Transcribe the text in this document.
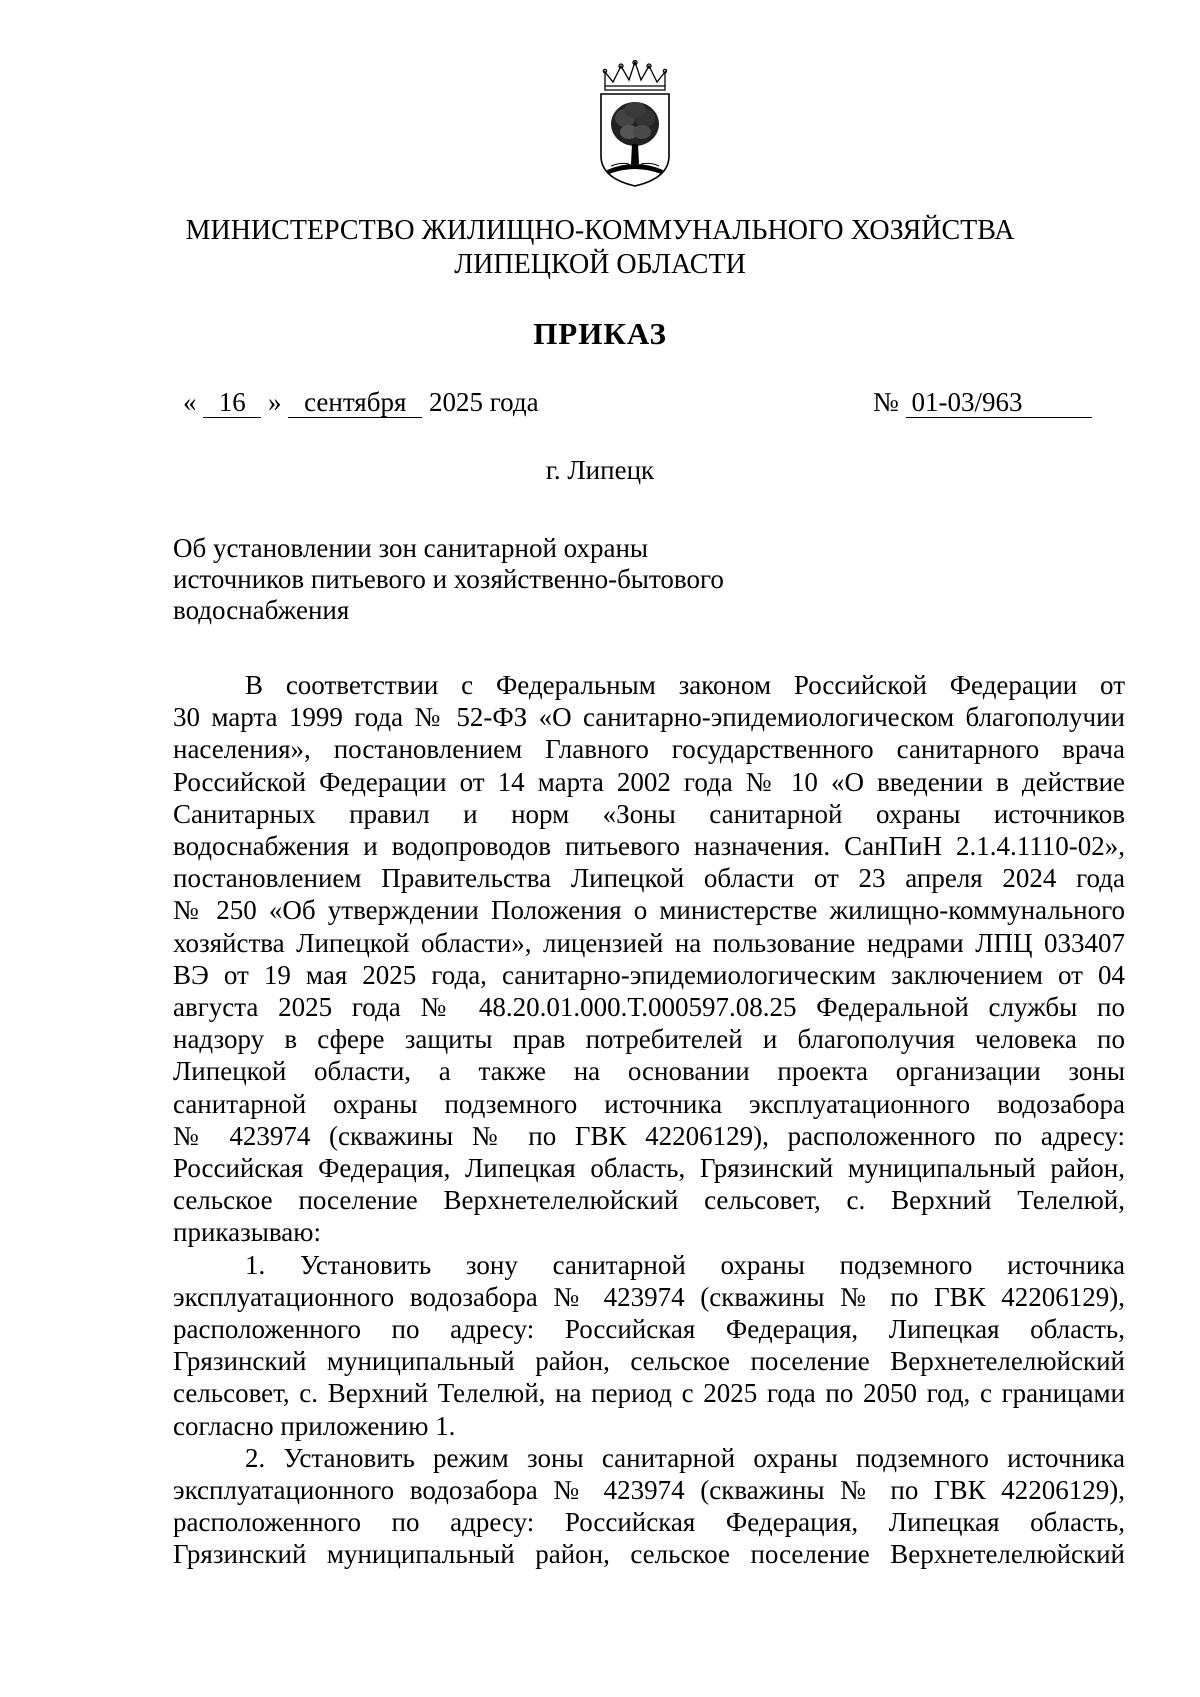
МИНИСТЕРСТВО ЖИЛИЩНО-КОММУНАЛЬНОГО ХОЗЯЙСТВА
ЛИПЕЦКОЙ ОБЛАСТИ
ПРИКАЗ
« 16 » сентября 2025 года	№ 01-03/963
г. Липецк
Об установлении зон санитарной охраны
источников питьевого и хозяйственно-бытового
водоснабжения
В соответствии с Федеральным законом Российской Федерации от
30 марта 1999 года № 52-ФЗ «О санитарно-эпидемиологическом благополучии
населения», постановлением Главного государственного санитарного врача
Российской Федерации от 14 марта 2002 года № 10 «О введении в действие
Санитарных правил и норм «Зоны санитарной охраны источников
водоснабжения и водопроводов питьевого назначения. СанПиН 2.1.4.1110-02»,
постановлением Правительства Липецкой области от 23 апреля 2024 года
№ 250 «Об утверждении Положения о министерстве жилищно-коммунального
хозяйства Липецкой области», лицензией на пользование недрами ЛПЦ 033407
ВЭ от 19 мая 2025 года, санитарно-эпидемиологическим заключением от 04
августа 2025 года № 48.20.01.000.Т.000597.08.25 Федеральной службы по
надзору в сфере защиты прав потребителей и благополучия человека по
Липецкой области, а также на основании проекта организации зоны
санитарной охраны подземного источника эксплуатационного водозабора
№ 423974 (скважины № по ГВК 42206129), расположенного по адресу:
Российская Федерация, Липецкая область, Грязинский муниципальный район,
сельское поселение Верхнетелелюйский сельсовет, с. Верхний Телелюй,
приказываю:
1. Установить зону санитарной охраны подземного источника
эксплуатационного водозабора № 423974 (скважины № по ГВК 42206129),
расположенного по адресу: Российская Федерация, Липецкая область,
Грязинский муниципальный район, сельское поселение Верхнетелелюйский
сельсовет, с. Верхний Телелюй, на период с 2025 года по 2050 год, с границами
согласно приложению 1.
2. Установить режим зоны санитарной охраны подземного источника
эксплуатационного водозабора № 423974 (скважины № по ГВК 42206129),
расположенного по адресу: Российская Федерация, Липецкая область,
Грязинский муниципальный район, сельское поселение Верхнетелелюйский
